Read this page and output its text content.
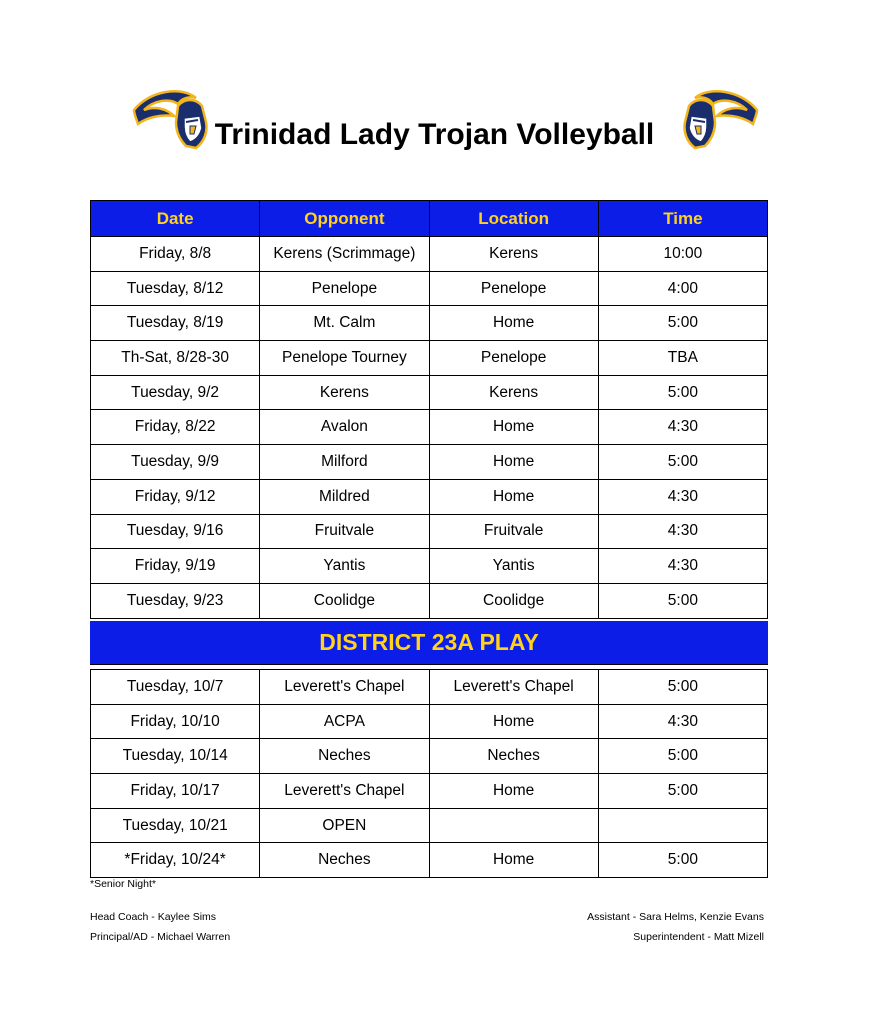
Trinidad Lady Trojan Volleyball
Date	Opponent	Location	Time
Friday, 8/8	Kerens (Scrimmage)	Kerens	10:00
Tuesday, 8/12	Penelope	Penelope	4:00
Tuesday, 8/19	Mt. Calm	Home	5:00
Th-Sat, 8/28-30	Penelope Tourney	Penelope	TBA
Tuesday, 9/2	Kerens	Kerens	5:00
Friday, 8/22	Avalon	Home	4:30
Tuesday, 9/9	Milford	Home	5:00
Friday, 9/12	Mildred	Home	4:30
Tuesday, 9/16	Fruitvale	Fruitvale	4:30
Friday, 9/19	Yantis	Yantis	4:30
Tuesday, 9/23	Coolidge	Coolidge	5:00
DISTRICT 23A PLAY
Tuesday, 10/7	Leverett's Chapel	Leverett's Chapel	5:00
Friday, 10/10	ACPA	Home	4:30
Tuesday, 10/14	Neches	Neches	5:00
Friday, 10/17	Leverett's Chapel	Home	5:00
Tuesday, 10/21	OPEN		
*Friday, 10/24*	Neches	Home	5:00
*Senior Night*
Head Coach - Kaylee Sims
Principal/AD - Michael Warren
Assistant - Sara Helms, Kenzie Evans
Superintendent - Matt Mizell
